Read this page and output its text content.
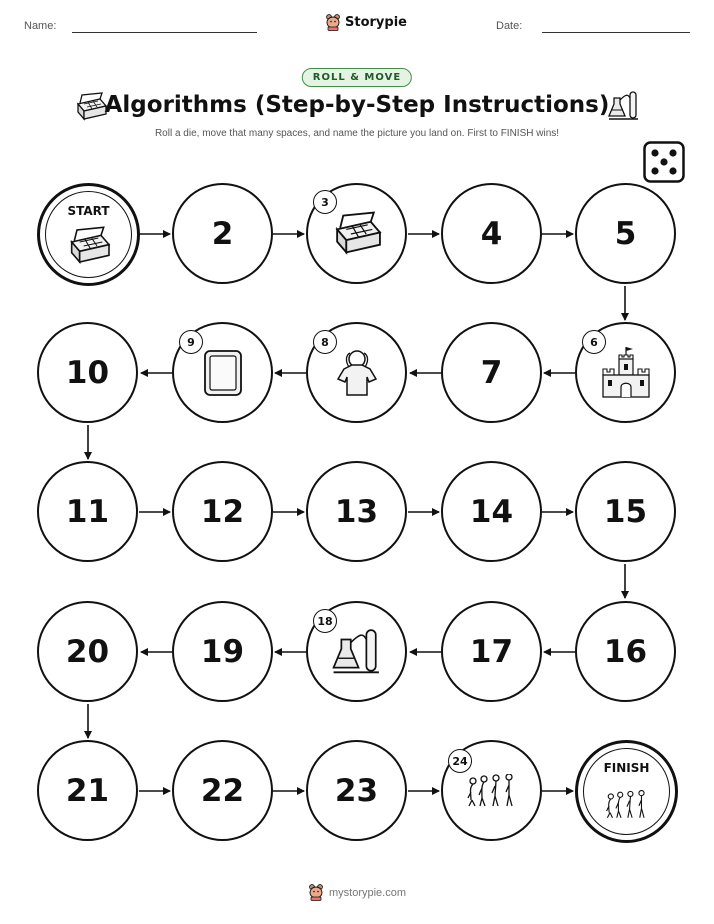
Name:	Storypie	Date:
ROLL & MOVE
Algorithms (Step-by-Step Instructions)
Roll a die, move that many spaces, and name the picture you land on. First to FINISH wins!
START
2
3
4	5
10
9	8
7
6
11	12	13	14	15
20	19
18
17	16
21	22	23
24	FINISH
mystorypie.com
